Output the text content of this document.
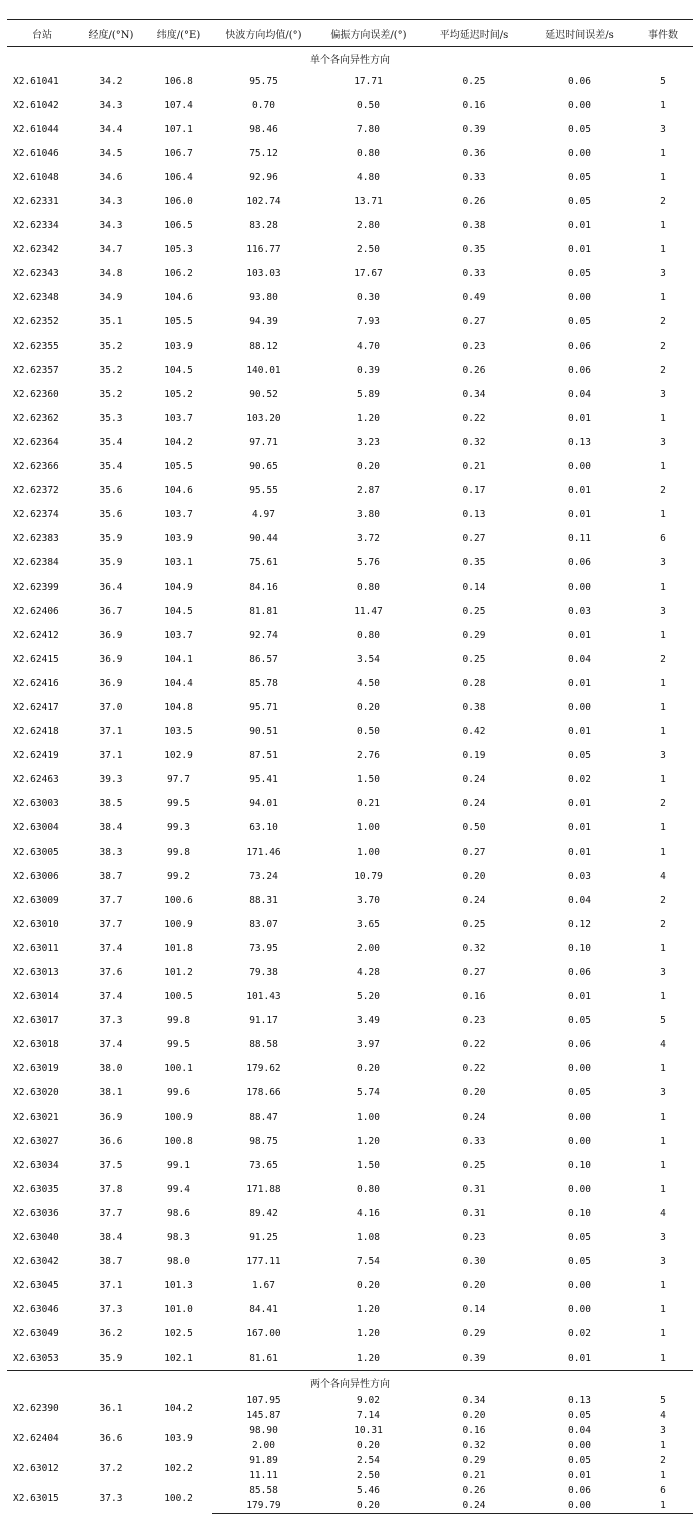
台站	经度/(°N)	纬度/(°E)	快波方向均值/(°)	偏振方向误差/(°)	平均延迟时间/s	延迟时间误差/s	事件数
单个各向异性方向							
X2.61041	34.2	106.8	95.75	17.71	0.25	0.06	5
X2.61042	34.3	107.4	0.70	0.50	0.16	0.00	1
X2.61044	34.4	107.1	98.46	7.80	0.39	0.05	3
X2.61046	34.5	106.7	75.12	0.80	0.36	0.00	1
X2.61048	34.6	106.4	92.96	4.80	0.33	0.05	1
X2.62331	34.3	106.0	102.74	13.71	0.26	0.05	2
X2.62334	34.3	106.5	83.28	2.80	0.38	0.01	1
X2.62342	34.7	105.3	116.77	2.50	0.35	0.01	1
X2.62343	34.8	106.2	103.03	17.67	0.33	0.05	3
X2.62348	34.9	104.6	93.80	0.30	0.49	0.00	1
X2.62352	35.1	105.5	94.39	7.93	0.27	0.05	2
X2.62355	35.2	103.9	88.12	4.70	0.23	0.06	2
X2.62357	35.2	104.5	140.01	0.39	0.26	0.06	2
X2.62360	35.2	105.2	90.52	5.89	0.34	0.04	3
X2.62362	35.3	103.7	103.20	1.20	0.22	0.01	1
X2.62364	35.4	104.2	97.71	3.23	0.32	0.13	3
X2.62366	35.4	105.5	90.65	0.20	0.21	0.00	1
X2.62372	35.6	104.6	95.55	2.87	0.17	0.01	2
X2.62374	35.6	103.7	4.97	3.80	0.13	0.01	1
X2.62383	35.9	103.9	90.44	3.72	0.27	0.11	6
X2.62384	35.9	103.1	75.61	5.76	0.35	0.06	3
X2.62399	36.4	104.9	84.16	0.80	0.14	0.00	1
X2.62406	36.7	104.5	81.81	11.47	0.25	0.03	3
X2.62412	36.9	103.7	92.74	0.80	0.29	0.01	1
X2.62415	36.9	104.1	86.57	3.54	0.25	0.04	2
X2.62416	36.9	104.4	85.78	4.50	0.28	0.01	1
X2.62417	37.0	104.8	95.71	0.20	0.38	0.00	1
X2.62418	37.1	103.5	90.51	0.50	0.42	0.01	1
X2.62419	37.1	102.9	87.51	2.76	0.19	0.05	3
X2.62463	39.3	97.7	95.41	1.50	0.24	0.02	1
X2.63003	38.5	99.5	94.01	0.21	0.24	0.01	2
X2.63004	38.4	99.3	63.10	1.00	0.50	0.01	1
X2.63005	38.3	99.8	171.46	1.00	0.27	0.01	1
X2.63006	38.7	99.2	73.24	10.79	0.20	0.03	4
X2.63009	37.7	100.6	88.31	3.70	0.24	0.04	2
X2.63010	37.7	100.9	83.07	3.65	0.25	0.12	2
X2.63011	37.4	101.8	73.95	2.00	0.32	0.10	1
X2.63013	37.6	101.2	79.38	4.28	0.27	0.06	3
X2.63014	37.4	100.5	101.43	5.20	0.16	0.01	1
X2.63017	37.3	99.8	91.17	3.49	0.23	0.05	5
X2.63018	37.4	99.5	88.58	3.97	0.22	0.06	4
X2.63019	38.0	100.1	179.62	0.20	0.22	0.00	1
X2.63020	38.1	99.6	178.66	5.74	0.20	0.05	3
X2.63021	36.9	100.9	88.47	1.00	0.24	0.00	1
X2.63027	36.6	100.8	98.75	1.20	0.33	0.00	1
X2.63034	37.5	99.1	73.65	1.50	0.25	0.10	1
X2.63035	37.8	99.4	171.88	0.80	0.31	0.00	1
X2.63036	37.7	98.6	89.42	4.16	0.31	0.10	4
X2.63040	38.4	98.3	91.25	1.08	0.23	0.05	3
X2.63042	38.7	98.0	177.11	7.54	0.30	0.05	3
X2.63045	37.1	101.3	1.67	0.20	0.20	0.00	1
X2.63046	37.3	101.0	84.41	1.20	0.14	0.00	1
X2.63049	36.2	102.5	167.00	1.20	0.29	0.02	1
X2.63053	35.9	102.1	81.61	1.20	0.39	0.01	1
两个各向异性方向							
X2.62390	36.1	104.2	107.95	9.02	0.34	0.13	5
			145.87	7.14	0.20	0.05	4
X2.62404	36.6	103.9	98.90	10.31	0.16	0.04	3
			2.00	0.20	0.32	0.00	1
X2.63012	37.2	102.2	91.89	2.54	0.29	0.05	2
			11.11	2.50	0.21	0.01	1
X2.63015	37.3	100.2	85.58	5.46	0.26	0.06	6
			179.79	0.20	0.24	0.00	1
